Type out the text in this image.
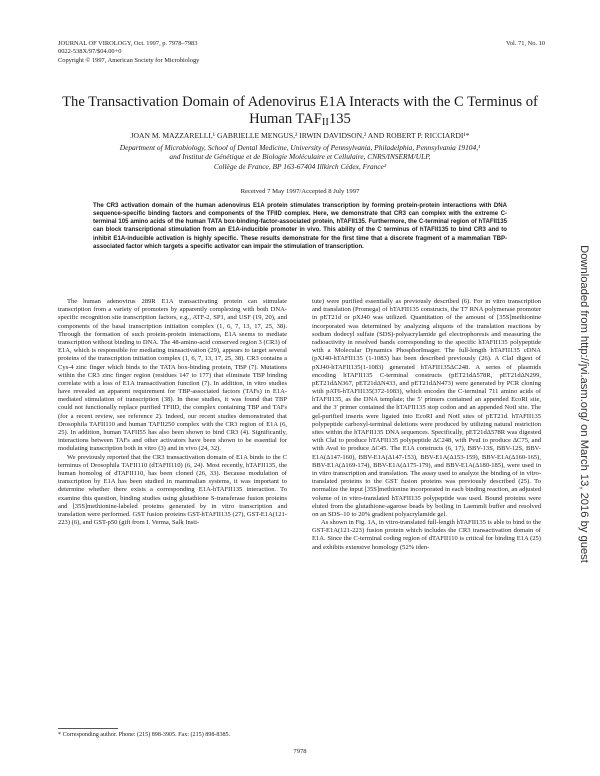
JOURNAL OF VIROLOGY, Oct. 1997, p. 7978–7983
0022-538X/97/$04.00+0
Copyright © 1997, American Society for Microbiology
Vol. 71, No. 10
The Transactivation Domain of Adenovirus E1A Interacts with the C Terminus of Human TAFII135
JOAN M. MAZZARELLI,¹ GABRIELLE MENGUS,² IRWIN DAVIDSON,² AND ROBERT P. RICCIARDI¹*
Department of Microbiology, School of Dental Medicine, University of Pennsylvania, Philadelphia, Pennsylvania 19104,¹
and Institut de Génétique et de Biologie Moléculaire et Cellulaire, CNRS/INSERM/ULP,
Collège de France, BP 163-67404 Illkirch Cédex, France²
Received 7 May 1997/Accepted 8 July 1997

The CR3 activation domain of the human adenovirus E1A protein stimulates transcription by forming protein-protein interactions with DNA sequence-specific binding factors and components of the TFIID complex. Here, we demonstrate that CR3 can complex with the extreme C-terminal 105 amino acids of the human TATA box-binding-factor-associated protein, hTAFII135. Furthermore, the C-terminal region of hTAFII135 can block transcriptional stimulation from an E1A-inducible promoter in vivo. This ability of the C terminus of hTAFII135 to bind CR3 and to inhibit E1A-inducible activation is highly specific. These results demonstrate for the first time that a discrete fragment of a mammalian TBP-associated factor which targets a specific activator can impair the stimulation of transcription.

The human adenovirus 289R E1A transactivating protein can stimulate transcription from a variety of promoters by apparently complexing with both DNA-specific recognition site transcription factors, e.g., ATF-2, SP1, and USF (19, 20), and components of the basal transcription initiation complex (1, 6, 7, 13, 17, 25, 38). Through the formation of such protein-protein interactions, E1A seems to mediate transcription without binding to DNA. The 48-amino-acid conserved region 3 (CR3) of E1A, which is responsible for mediating transactivation (29), appears to target several proteins of the transcription initiation complex (1, 6, 7, 13, 17, 25, 38). CR3 contains a Cys-4 zinc finger which binds to the TATA box-binding protein, TBP (7). Mutations within the CR3 zinc finger region (residues 147 to 177) that eliminate TBP binding correlate with a loss of E1A transactivation function (7). In addition, in vitro studies have revealed an apparent requirement for TBP-associated factors (TAFs) in E1A-mediated stimulation of transcription (38). In these studies, it was found that TBP could not functionally replace purified TFIID, the complex containing TBP and TAFs (for a recent review, see reference 2). Indeed, our recent studies demonstrated that Drosophila TAFII110 and human TAFII250 complex with the CR3 region of E1A (6, 25). In addition, human TAFII55 has also been shown to bind CR3 (4). Significantly, interactions between TAFs and other activators have been shown to be essential for modulating transcription both in vitro (3) and in vivo (24, 32).

We previously reported that the CR3 transactivation domain of E1A binds to the C terminus of Drosophila TAFII110 (dTAFII110) (6, 24). Most recently, hTAFII135, the human homolog of dTAFII110, has been cloned (26, 33). Because modulation of transcription by E1A has been studied in mammalian systems, it was important to determine whether there exists a corresponding E1A-hTAFII135 interaction. To examine this question, binding studies using glutathione S-transferase fusion proteins and [35S]methionine-labeled proteins generated by in vitro transcription and translation were performed. GST fusion proteins GST-hTAFII135 (27), GST-E1A(121-223) (6), and GST-p50 (gift from I. Verma, Salk Insti-

tute) were purified essentially as previously described (6). For in vitro transcription and translation (Promega) of hTAFII135 constructs, the T7 RNA polymerase promoter in pET21d or pXJ40 was utilized. Quantitation of the amount of [35S]methionine incorporated was determined by analyzing aliquots of the translation reactions by sodium dodecyl sulfate (SDS)-polyacrylamide gel electrophoresis and measuring the radioactivity in resolved bands corresponding to the specific hTAFII135 polypeptide with a Molecular Dynamics PhosphorImager. The full-length hTAFII135 cDNA (pXJ40-hTAFII135 (1-1083) has been described previously (26). A ClaI digest of pXJ40-hTAFII135(1-1083) generated hTAFII135ΔC248. A series of plasmids encoding hTAFII135 C-terminal constructs (pET21dΔ578R, pET21dΔN299, pET21dΔN367, pET21dΔN433, and pET21dΔN473) were generated by PCR cloning with pAT6-hTAFII135(372-1083), which encodes the C-terminal 711 amino acids of hTAFII135, as the DNA template; the 5′ primers contained an appended EcoRI site, and the 3′ primer contained the hTAFII135 stop codon and an appended NotI site. The gel-purified inserts were ligated into EcoRI and NotI sites of pET21d. hTAFII135 polypeptide carboxyl-terminal deletions were produced by utilizing natural restriction sites within the hTAFII135 DNA sequences. Specifically, pET21dΔ578R was digested with ClaI to produce hTAFII135 polypeptide ΔC248, with PvuI to produce ΔC75, and with AvaI to produce ΔC45. The E1A constructs (6, 17), BBV-13S, BBV-12S, BBV-E1A(Δ147-160), BBV-E1A(Δ147-153), BBV-E1A(Δ153-159), BBV-E1A(Δ160-165), BBV-E1A(Δ169-174), BBV-E1A(Δ175-179), and BBV-E1A(Δ180-185), were used in in vitro transcription and translation. The assay used to analyze the binding of in vitro-translated proteins to the GST fusion proteins was previously described (25). To normalize the input [35S]methionine incorporated in each binding reaction, an adjusted volume of in vitro-translated hTAFII135 polypeptide was used. Bound proteins were eluted from the glutathione-agarose beads by boiling in Laemmli buffer and resolved on an SDS–10 to 20% gradient polyacrylamide gel.

As shown in Fig. 1A, in vitro-translated full-length hTAFII135 is able to bind to the GST-E1A(121-223) fusion protein which includes the CR3 transactivation domain of E1A. Since the C-terminal coding region of dTAFII110 is critical for binding E1A (25) and exhibits extensive homology (52% iden-

* Corresponding author. Phone: (215) 898-3905. Fax: (215) 898-8385.
7978
Downloaded from http://jvi.asm.org/ on March 13, 2016 by guest
